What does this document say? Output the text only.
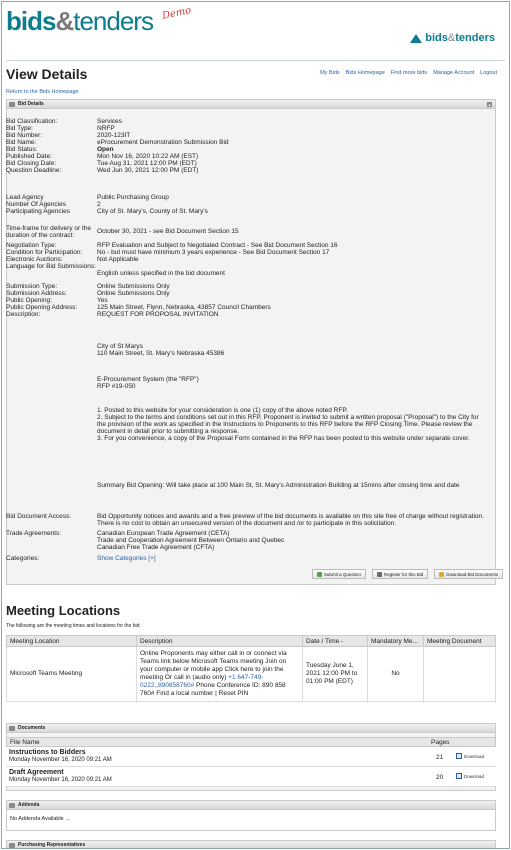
bids&tenders Demo
bids&tenders
View Details	My Bids Bids Homepage Find more bids Manage Account Logout
Return to the Bids Homepage
Bid Details	▴
Bid Classification:	Services
Bid Type:	NRFP
Bid Number:	2020-123IT
Bid Name:	eProcurement Demonstration Submission Bid
Bid Status:	Open
Published Date:	Mon Nov 16, 2020 10:22 AM (EST)
Bid Closing Date:	Tue Aug 31, 2021 12:00 PM (EDT)
Question Deadline:	Wed Jun 30, 2021 12:00 PM (EDT)
Lead Agency	Public Purchasing Group
Number Of Agencies	2
Participating Agencies	City of St. Mary's, County of St. Mary's
Time-frame for delivery or the duration of the contract:
October 30, 2021 - see Bid Document Section 15
Negotiation Type:	RFP Evaluation and Subject to Negotiated Contract - See Bid Document Section 16
Condition for Participation:	No - but must have minimum 3 years experience - See Bid Document Section 17
Electronic Auctions:	Not Applicable
Language for Bid Submissions:
English unless specified in the bid document
Submission Type:	Online Submissions Only
Submission Address:	Online Submissions Only
Public Opening:	Yes
Public Opening Address:	125 Main Street, Flynn, Nebraska, 43857 Council Chambers
Description:	REQUEST FOR PROPOSAL INVITATION
City of St Marys
110 Main Street, St. Mary's Nebraska 45386
E-Procurement System (the "RFP")
RFP #19-050
1. Posted to this website for your consideration is one (1) copy of the above noted RFP.
2. Subject to the terms and conditions set out in this RFP, Proponent is invited to submit a written proposal ("Proposal") to the City for the provision of the work as specified in the Instructions to Proponents to this RFP before the RFP Closing Time. Please review the document in detail prior to submitting a response.
3. For you convenience, a copy of the Proposal Form contained in the RFP has been posted to this website under separate cover.
Summary Bid Opening: Will take place at 100 Main St, St. Mary's Administration Building at 15mins after closing time and date
Bid Document Access:	Bid Opportunity notices and awards and a free preview of the bid documents is available on this site free of charge without registration. There is no cost to obtain an unsecured version of the document and /or to participate in this solicitation.
Trade Agreements:	Canadian European Trade Agreement (CETA)
Trade and Cooperation Agreement Between Ontario and Quebec
Canadian Free Trade Agreement (CFTA)
Categories:	Show Categories [+]
Submit a Question	Register for this Bid	Download Bid Documents
Meeting Locations
The following are the meeting times and locations for the bid:
Meeting Location	Description	Date / Time -	Mandatory Me...	Meeting Document
Microsoft Teams Meeting	Online Proponents may either call in or connect via Teams link below Microsoft Teams meeting Join on your computer or mobile app Click here to join the meeting Or call in (audio only) +1 647-749-0222,,890858760# Phone Conference ID: 890 858 760# Find a local number | Reset PIN	Tuesday June 1, 2021 12:00 PM to 01:00 PM (EDT)	No	
Documents
File Name	Pages
Instructions to Bidders
Monday November 16, 2020 09:21 AM	21	Download
Draft Agreement
Monday November 16, 2020 09:21 AM	20	Download
Addenda
No Addenda Available ...
Purchasing Representatives
